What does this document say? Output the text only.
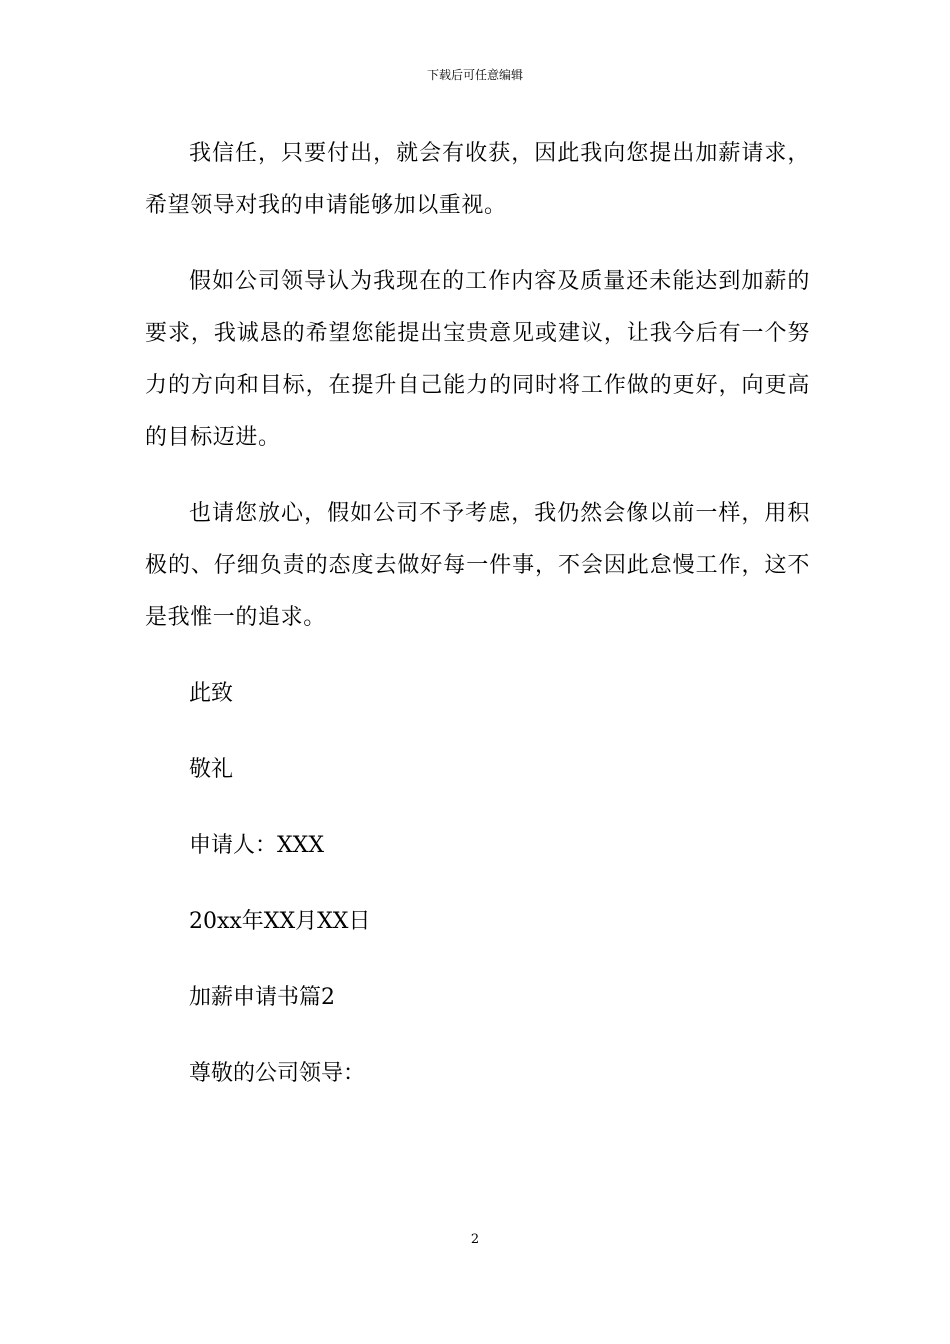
下载后可任意编辑

我信任，只要付出，就会有收获，因此我向您提出加薪请求，希望领导对我的申请能够加以重视。

假如公司领导认为我现在的工作内容及质量还未能达到加薪的要求，我诚恳的希望您能提出宝贵意见或建议，让我今后有一个努力的方向和目标，在提升自己能力的同时将工作做的更好，向更高的目标迈进。

也请您放心，假如公司不予考虑，我仍然会像以前一样，用积极的、仔细负责的态度去做好每一件事，不会因此怠慢工作，这不是我惟一的追求。

此致
敬礼
申请人：XXX
20xx年XX月XX日
加薪申请书篇2
尊敬的公司领导：
2
